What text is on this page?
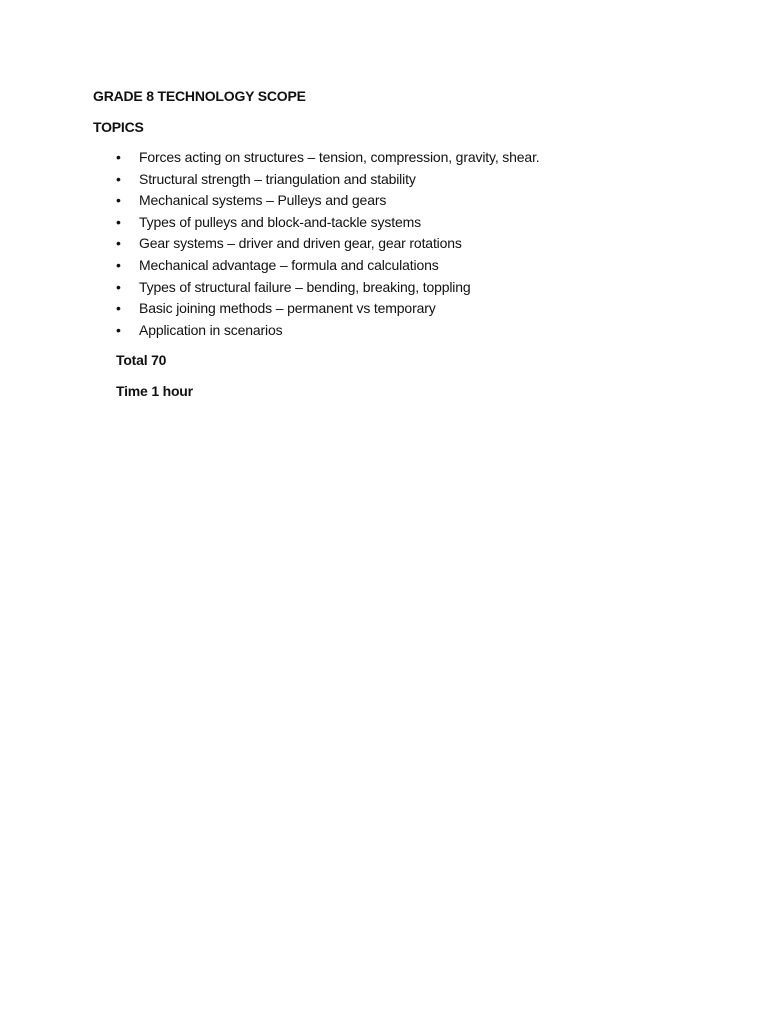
GRADE 8 TECHNOLOGY SCOPE
TOPICS
• Forces acting on structures – tension, compression, gravity, shear.
• Structural strength – triangulation and stability
• Mechanical systems – Pulleys and gears
• Types of pulleys and block-and-tackle systems
• Gear systems – driver and driven gear, gear rotations
• Mechanical advantage – formula and calculations
• Types of structural failure – bending, breaking, toppling
• Basic joining methods – permanent vs temporary
• Application in scenarios

Total 70

Time 1 hour
